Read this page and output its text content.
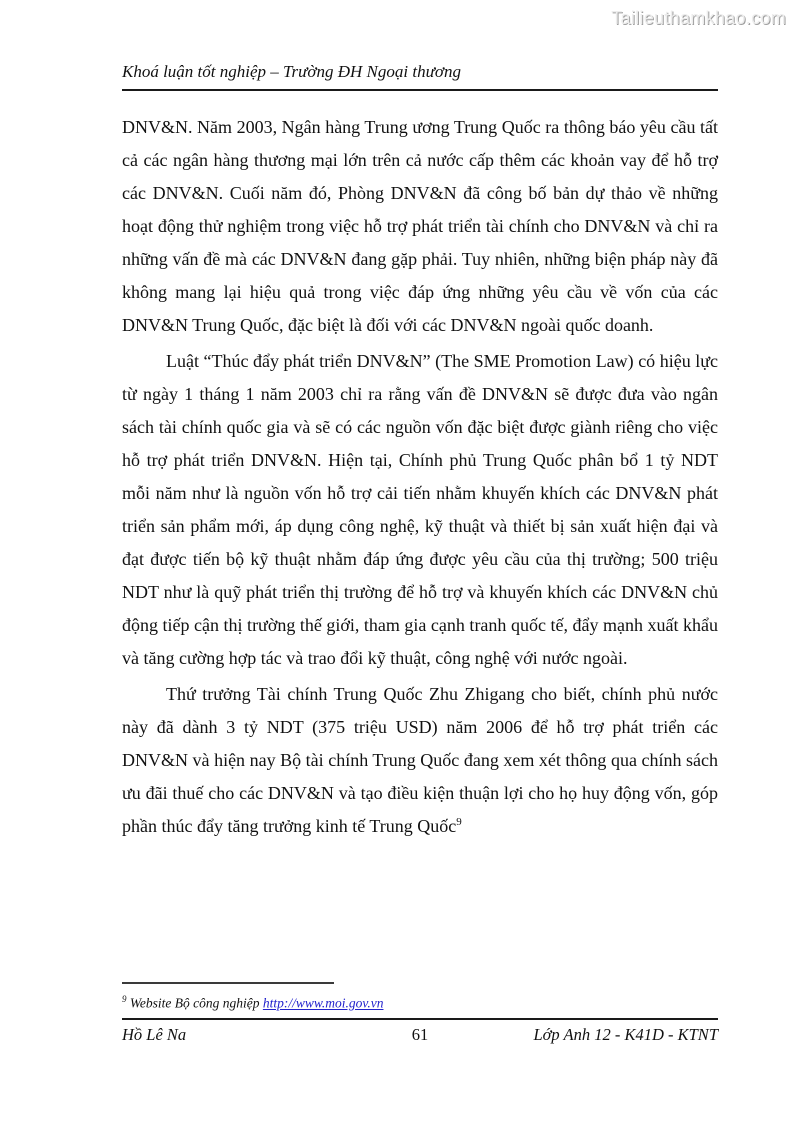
Tailieuthamkhao.com
Khoá luận tốt nghiệp – Trường ĐH Ngoại thương

DNV&N. Năm 2003, Ngân hàng Trung ương Trung Quốc ra thông báo yêu cầu tất cả các ngân hàng thương mại lớn trên cả nước cấp thêm các khoản vay để hỗ trợ các DNV&N. Cuối năm đó, Phòng DNV&N đã công bố bản dự thảo về những hoạt động thử nghiệm trong việc hỗ trợ phát triển tài chính cho DNV&N và chỉ ra những vấn đề mà các DNV&N đang gặp phải. Tuy nhiên, những biện pháp này đã không mang lại hiệu quả trong việc đáp ứng những yêu cầu về vốn của các DNV&N Trung Quốc, đặc biệt là đối với các DNV&N ngoài quốc doanh.

Luật “Thúc đẩy phát triển DNV&N” (The SME Promotion Law) có hiệu lực từ ngày 1 tháng 1 năm 2003 chỉ ra rằng vấn đề DNV&N sẽ được đưa vào ngân sách tài chính quốc gia và sẽ có các nguồn vốn đặc biệt được giành riêng cho việc hỗ trợ phát triển DNV&N. Hiện tại, Chính phủ Trung Quốc phân bổ 1 tỷ NDT mỗi năm như là nguồn vốn hỗ trợ cải tiến nhằm khuyến khích các DNV&N phát triển sản phẩm mới, áp dụng công nghệ, kỹ thuật và thiết bị sản xuất hiện đại và đạt được tiến bộ kỹ thuật nhằm đáp ứng được yêu cầu của thị trường; 500 triệu NDT như là quỹ phát triển thị trường để hỗ trợ và khuyến khích các DNV&N chủ động tiếp cận thị trường thế giới, tham gia cạnh tranh quốc tế, đẩy mạnh xuất khẩu và tăng cường hợp tác và trao đổi kỹ thuật, công nghệ với nước ngoài.

Thứ trưởng Tài chính Trung Quốc Zhu Zhigang cho biết, chính phủ nước này đã dành 3 tỷ NDT (375 triệu USD) năm 2006 để hỗ trợ phát triển các DNV&N và hiện nay Bộ tài chính Trung Quốc đang xem xét thông qua chính sách ưu đãi thuế cho các DNV&N và tạo điều kiện thuận lợi cho họ huy động vốn, góp phần thúc đẩy tăng trưởng kinh tế Trung Quốc$^9$

$^9$ Website Bộ công nghiệp http://www.moi.gov.vn
Hồ Lê Na	61	Lớp Anh 12 - K41D - KTNT
